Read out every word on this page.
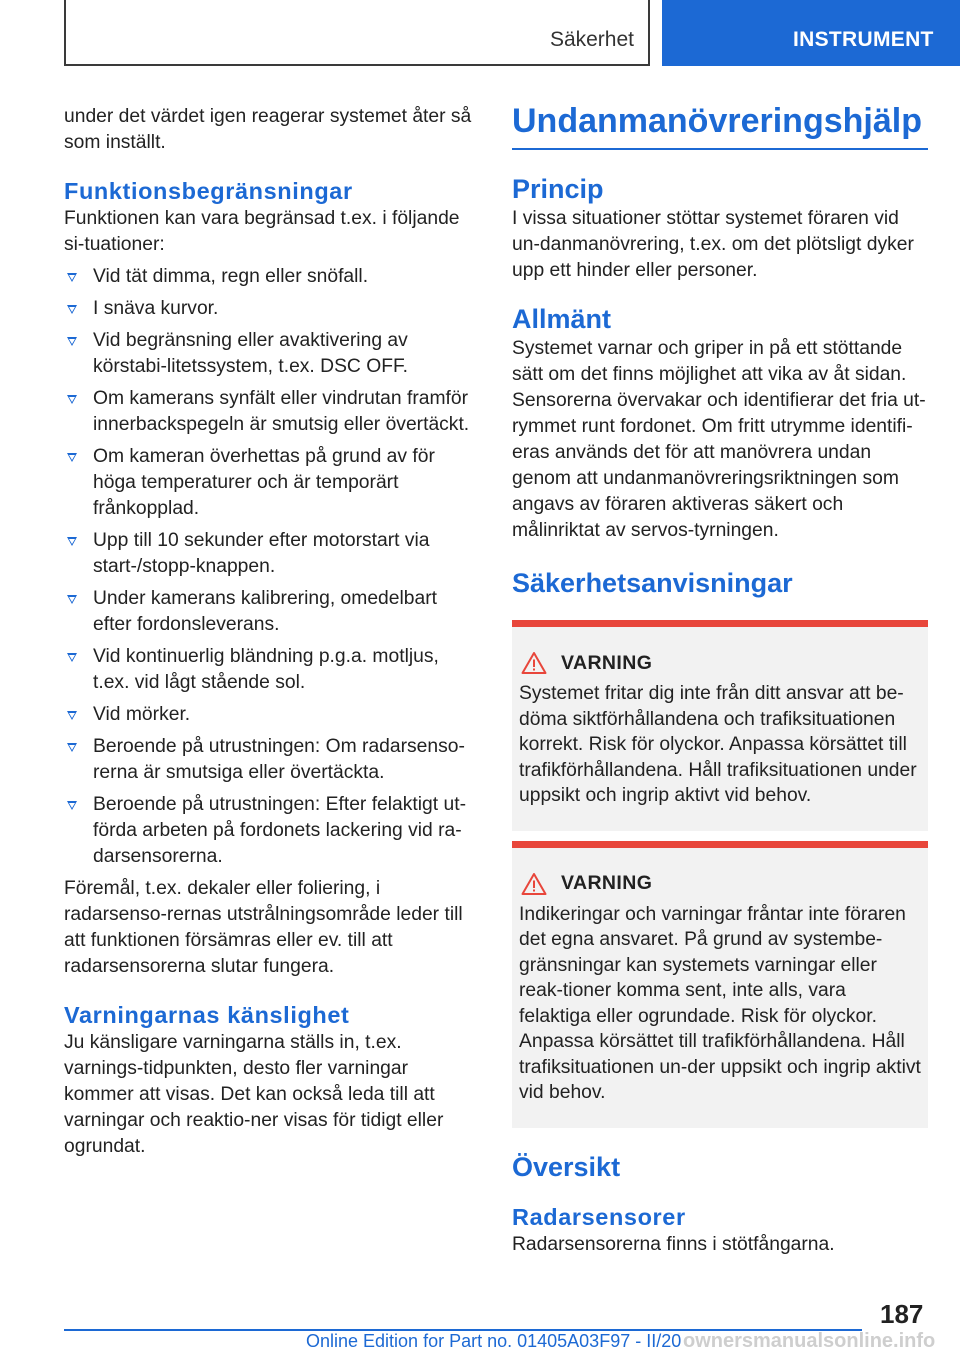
Säkerhet	INSTRUMENT

under det värdet igen reagerar systemet åter så som inställt.

Funktionsbegränsningar

Funktionen kan vara begränsad t.ex. i följande si‐tuationer:

Vid tät dimma, regn eller snöfall.
I snäva kurvor.
Vid begränsning eller avaktivering av körstabi‐litetssystem, t.ex. DSC OFF.
Om kamerans synfält eller vindrutan framför innerbackspegeln är smutsig eller övertäckt.
Om kameran överhettas på grund av för höga temperaturer och är temporärt frånkopplad.
Upp till 10 sekunder efter motorstart via start-/stopp-knappen.
Under kamerans kalibrering, omedelbart efter fordonsleverans.
Vid kontinuerlig bländning p.g.a. motljus, t.ex. vid lågt stående sol.
Vid mörker.
Beroende på utrustningen: Om radarsenso‐rerna är smutsiga eller övertäckta.
Beroende på utrustningen: Efter felaktigt ut‐förda arbeten på fordonets lackering vid ra‐darsensorerna.

Föremål, t.ex. dekaler eller foliering, i radarsenso‐rernas utstrålningsområde leder till att funktionen försämras eller ev. till att radarsensorerna slutar fungera.

Varningarnas känslighet

Ju känsligare varningarna ställs in, t.ex. varnings‐tidpunkten, desto fler varningar kommer att visas. Det kan också leda till att varningar och reaktio‐ner visas för tidigt eller ogrundat.

Undanmanövreringshjälp
Princip

I vissa situationer stöttar systemet föraren vid un‐danmanövrering, t.ex. om det plötsligt dyker upp ett hinder eller personer.

Allmänt

Systemet varnar och griper in på ett stöttande sätt om det finns möjlighet att vika av åt sidan. Sensorerna övervakar och identifierar det fria ut‐rymmet runt fordonet. Om fritt utrymme identifi‐eras används det för att manövrera undan genom att undanmanövreringsriktningen som angavs av föraren aktiveras säkert och målinriktat av servos‐tyrningen.

Säkerhetsanvisningar
VARNING

Systemet fritar dig inte från ditt ansvar att be‐döma siktförhållandena och trafiksituationen korrekt. Risk för olyckor. Anpassa körsättet till trafikförhållandena. Håll trafiksituationen under uppsikt och ingrip aktivt vid behov.

VARNING

Indikeringar och varningar fråntar inte föraren det egna ansvaret. På grund av systembe‐gränsningar kan systemets varningar eller reak‐tioner komma sent, inte alls, vara felaktiga eller ogrundade. Risk för olyckor. Anpassa körsättet till trafikförhållandena. Håll trafiksituationen un‐der uppsikt och ingrip aktivt vid behov.

Översikt
Radarsensorer

Radarsensorerna finns i stötfångarna.

187
Online Edition for Part no. 01405A03F97 - II/20 ownersmanualsonline.info
